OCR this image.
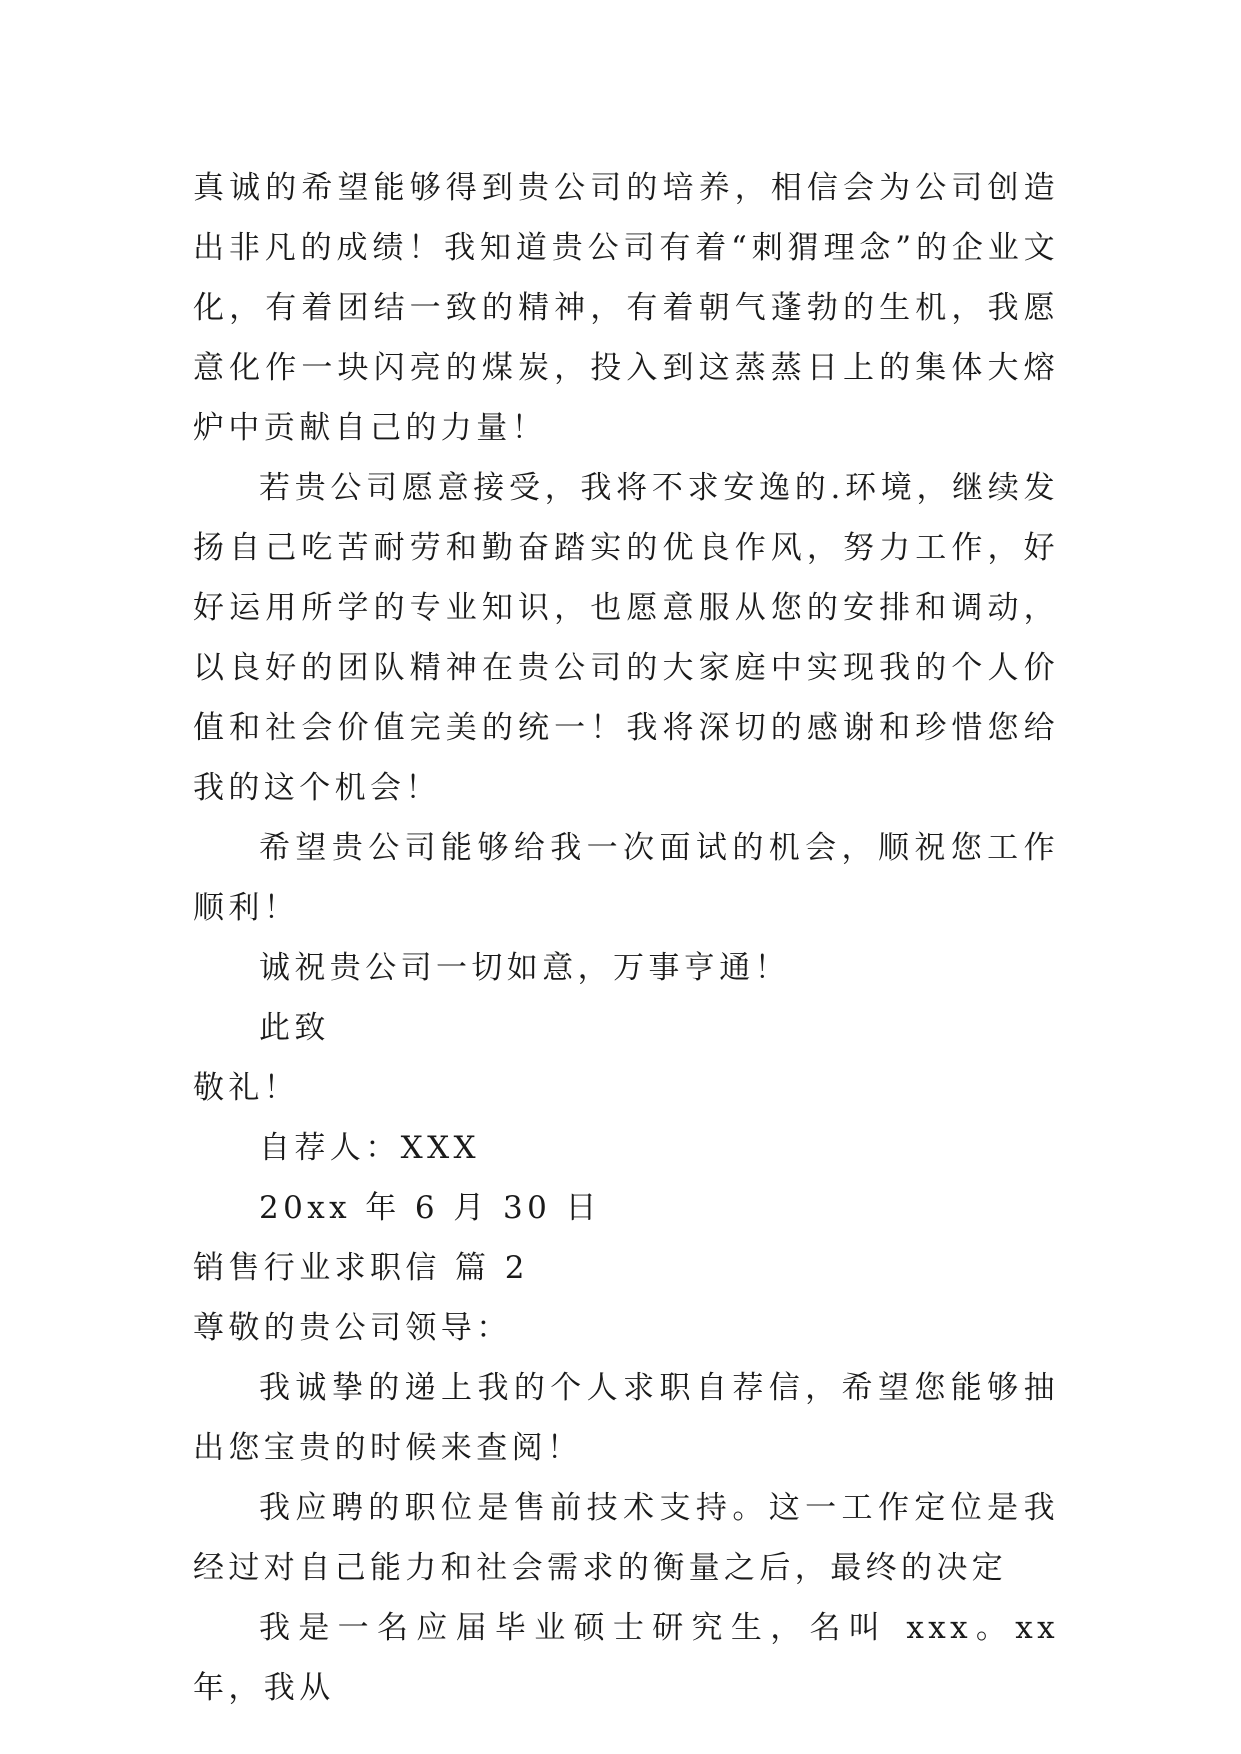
真诚的希望能够得到贵公司的培养，相信会为公司创造出非凡的成绩！我知道贵公司有着“刺猬理念”的企业文化，有着团结一致的精神，有着朝气蓬勃的生机，我愿意化作一块闪亮的煤炭，投入到这蒸蒸日上的集体大熔炉中贡献自己的力量！

若贵公司愿意接受，我将不求安逸的.环境，继续发扬自己吃苦耐劳和勤奋踏实的优良作风，努力工作，好好运用所学的专业知识，也愿意服从您的安排和调动，以良好的团队精神在贵公司的大家庭中实现我的个人价值和社会价值完美的统一！我将深切的感谢和珍惜您给我的这个机会！

希望贵公司能够给我一次面试的机会，顺祝您工作顺利！

诚祝贵公司一切如意，万事亨通！

此致

敬礼！

自荐人：XXX

20xx 年 6 月 30 日

销售行业求职信 篇 2

尊敬的贵公司领导：

我诚挚的递上我的个人求职自荐信，希望您能够抽出您宝贵的时候来查阅！

我应聘的职位是售前技术支持。这一工作定位是我经过对自己能力和社会需求的衡量之后，最终的决定

我是一名应届毕业硕士研究生，名叫 xxx。xx 年，我从
